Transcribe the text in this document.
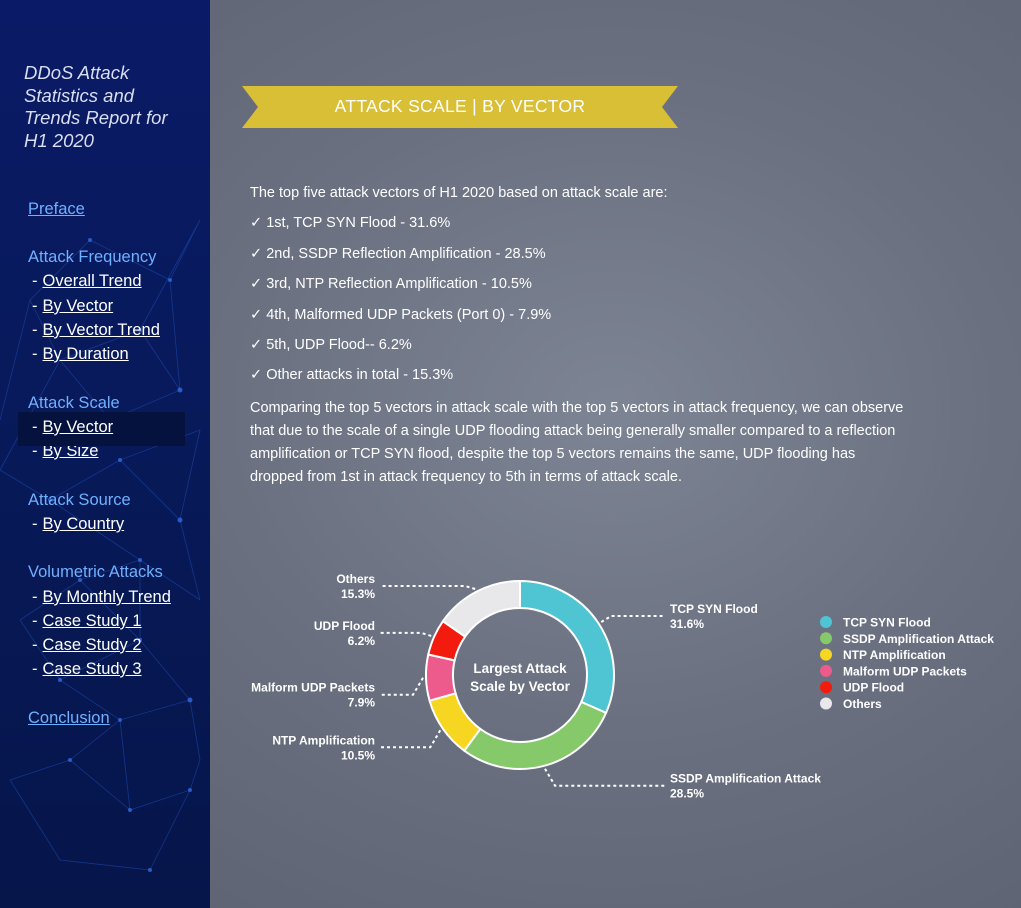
DDoS Attack
Statistics and
Trends Report for
H1 2020
Preface
Attack Frequency
- Overall Trend
- By Vector
- By Vector Trend
- By Duration
Attack Scale
- By Vector
- By Size
Attack Source
- By Country
Volumetric Attacks
- By Monthly Trend
- Case Study 1
- Case Study 2
- Case Study 3
Conclusion
ATTACK SCALE | BY VECTOR
The top five attack vectors of H1 2020 based on attack scale are:
✓ 1st, TCP SYN Flood - 31.6%
✓ 2nd, SSDP Reflection Amplification - 28.5%
✓ 3rd, NTP Reflection Amplification - 10.5%
✓ 4th, Malformed UDP Packets (Port 0) - 7.9%
✓ 5th, UDP Flood-- 6.2%
✓ Other attacks in total - 15.3%
Comparing the top 5 vectors in attack scale with the top 5 vectors in attack frequency, we can observe that due to the scale of a single UDP flooding attack being generally smaller compared to a reflection amplification or TCP SYN flood, despite the top 5 vectors remains the same, UDP flooding has dropped from 1st in attack frequency to 5th in terms of attack scale.
Largest Attack
Scale by Vector
TCP SYN Flood
31.6%
SSDP Amplification Attack
28.5%
NTP Amplification
10.5%
Malform UDP Packets
7.9%
UDP Flood
6.2%
Others
15.3%
TCP SYN Flood
SSDP Amplification Attack
NTP Amplification
Malform UDP Packets
UDP Flood
Others
